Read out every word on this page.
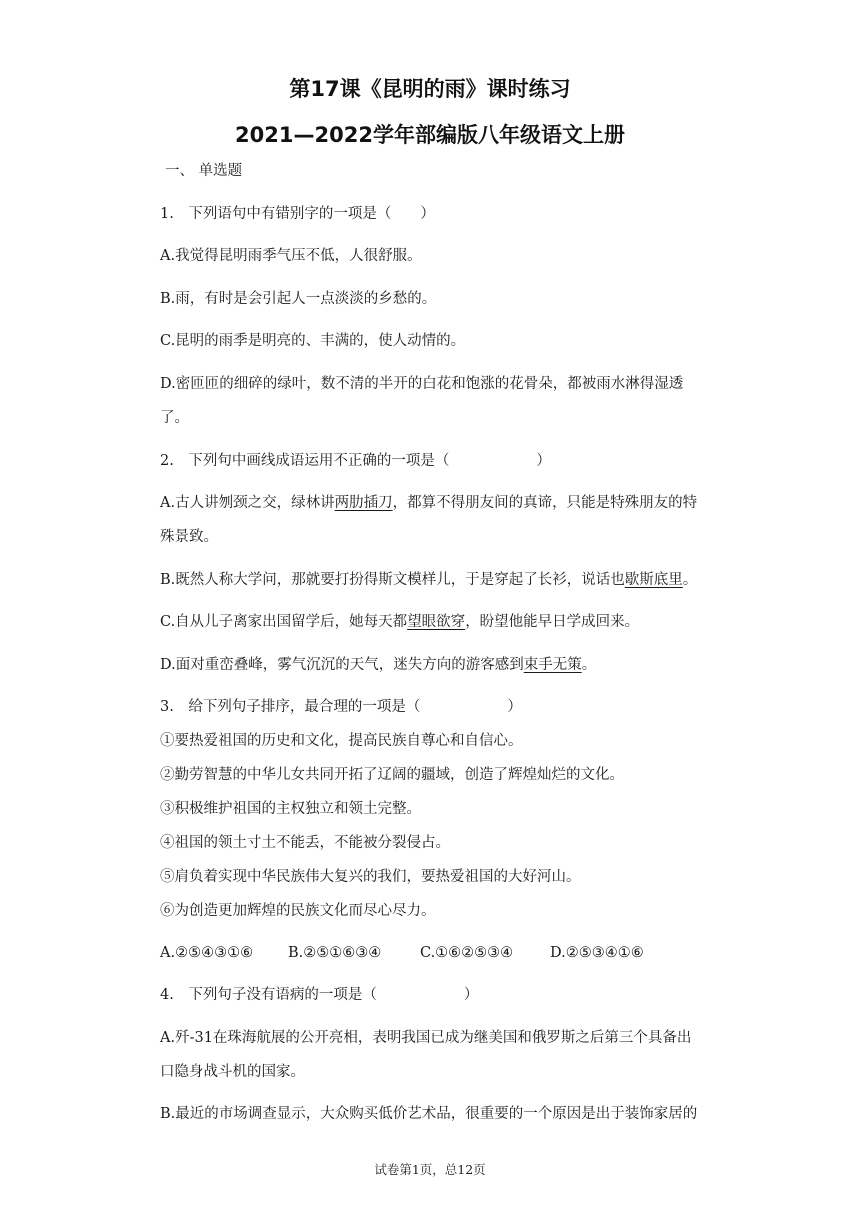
第17课《昆明的雨》课时练习
2021—2022学年部编版八年级语文上册
一、 单选题
1.　下列语句中有错别字的一项是（　　）
A.我觉得昆明雨季气压不低，人很舒服。
B.雨，有时是会引起人一点淡淡的乡愁的。
C.昆明的雨季是明亮的、丰满的，使人动情的。
D.密匝匝的细碎的绿叶，数不清的半开的白花和饱涨的花骨朵，都被雨水淋得湿透
了。
2.　下列句中画线成语运用不正确的一项是（　　　　　　）
A.古人讲刎颈之交，绿林讲两肋插刀，都算不得朋友间的真谛，只能是特殊朋友的特
殊景致。
B.既然人称大学问，那就要打扮得斯文模样儿，于是穿起了长衫，说话也歇斯底里。
C.自从儿子离家出国留学后，她每天都望眼欲穿，盼望他能早日学成回来。
D.面对重峦叠峰，雾气沉沉的天气，迷失方向的游客感到束手无策。
3.　给下列句子排序，最合理的一项是（　　　　　　）
①要热爱祖国的历史和文化，提高民族自尊心和自信心。
②勤劳智慧的中华儿女共同开拓了辽阔的疆域，创造了辉煌灿烂的文化。
③积极维护祖国的主权独立和领土完整。
④祖国的领土寸土不能丢，不能被分裂侵占。
⑤肩负着实现中华民族伟大复兴的我们，要热爱祖国的大好河山。
⑥为创造更加辉煌的民族文化而尽心尽力。
A.②⑤④③①⑥ B.②⑤①⑥③④	C.①⑥②⑤③④	D.②⑤③④①⑥
4.　下列句子没有语病的一项是（　　　　　　）
A.歼-31在珠海航展的公开亮相，表明我国已成为继美国和俄罗斯之后第三个具备出
口隐身战斗机的国家。
B.最近的市场调查显示，大众购买低价艺术品，很重要的一个原因是出于装饰家居的
试卷第1页，总12页
